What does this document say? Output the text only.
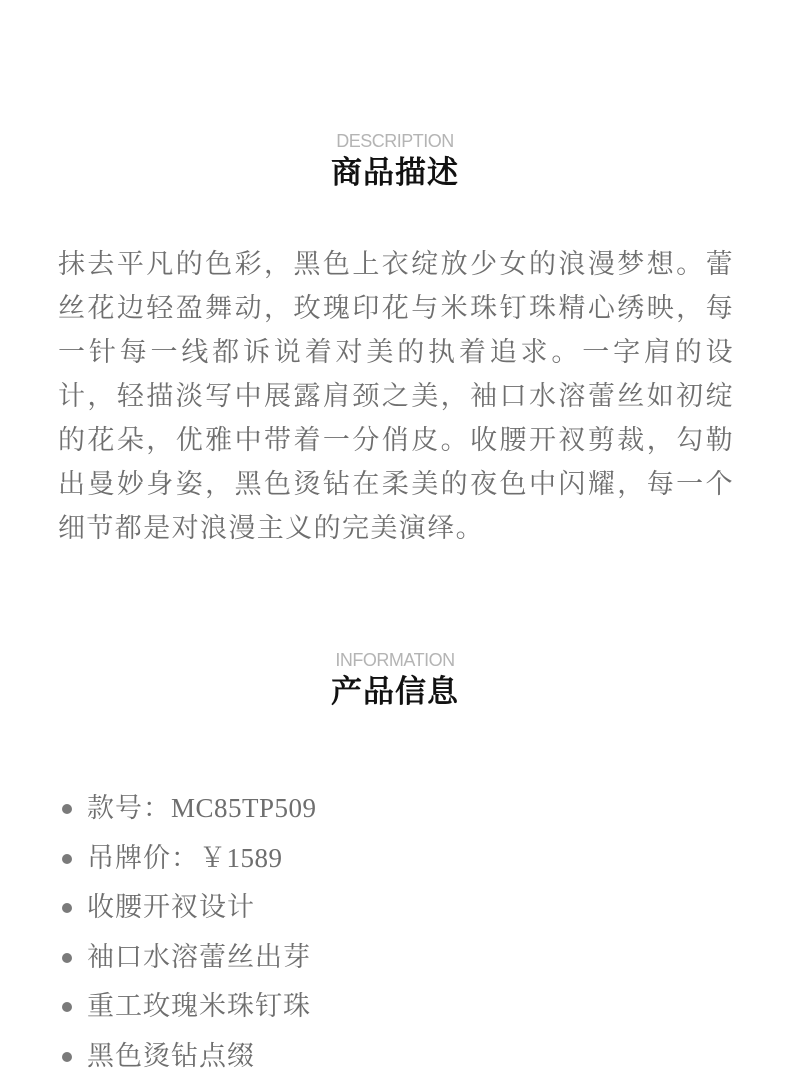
DESCRIPTION
商品描述
抹去平凡的色彩，黑色上衣绽放少女的浪漫梦想。蕾丝花边轻盈舞动，玫瑰印花与米珠钉珠精心绣映，每一针每一线都诉说着对美的执着追求。一字肩的设计，轻描淡写中展露肩颈之美，袖口水溶蕾丝如初绽的花朵，优雅中带着一分俏皮。收腰开衩剪裁，勾勒出曼妙身姿，黑色烫钻在柔美的夜色中闪耀，每一个细节都是对浪漫主义的完美演绎。
INFORMATION
产品信息
款号：MC85TP509
吊牌价：￥1589
收腰开衩设计
袖口水溶蕾丝出芽
重工玫瑰米珠钉珠
黑色烫钻点缀
